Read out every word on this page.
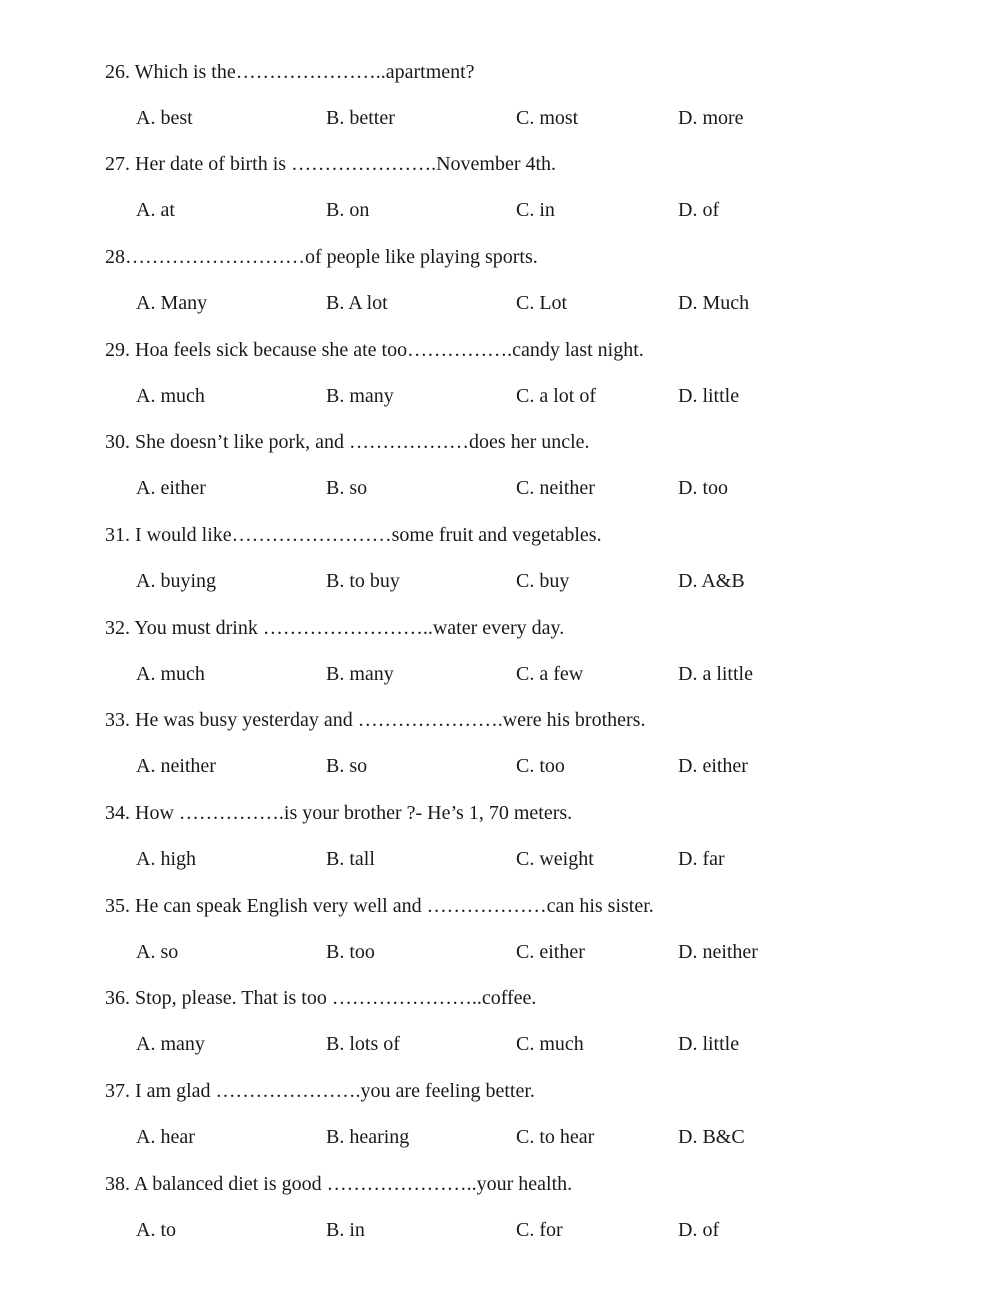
26. Which is the…………………..apartment?
A. best	B. better	C. most	D. more
27. Her date of birth is ………………….November 4th.
A. at	B. on	C. in	D. of
28………………………of people like playing sports.
A. Many	B. A lot	C. Lot	D. Much
29. Hoa feels sick because she ate too…………….candy last night.
A. much	B. many	C. a lot of	D. little
30. She doesn’t like pork, and ………………does her uncle.
A. either	B. so	C. neither	D. too
31. I would like……………………some fruit and vegetables.
A. buying	B. to buy	C. buy	D. A&B
32. You must drink ……………………..water every day.
A. much	B. many	C. a few	D. a little
33. He was busy yesterday and ………………….were his brothers.
A. neither	B. so	C. too	D. either
34. How …………….is your brother ?- He’s 1, 70 meters.
A. high	B. tall	C. weight	D. far
35. He can speak English very well and ………………can his sister.
A. so	B. too	C. either	D. neither
36. Stop, please. That is too …………………..coffee.
A. many	B. lots of	C. much	D. little
37. I am glad ………………….you are feeling better.
A. hear	B. hearing	C. to hear	D. B&C
38. A balanced diet is good …………………..your health.
A. to	B. in	C. for	D. of
